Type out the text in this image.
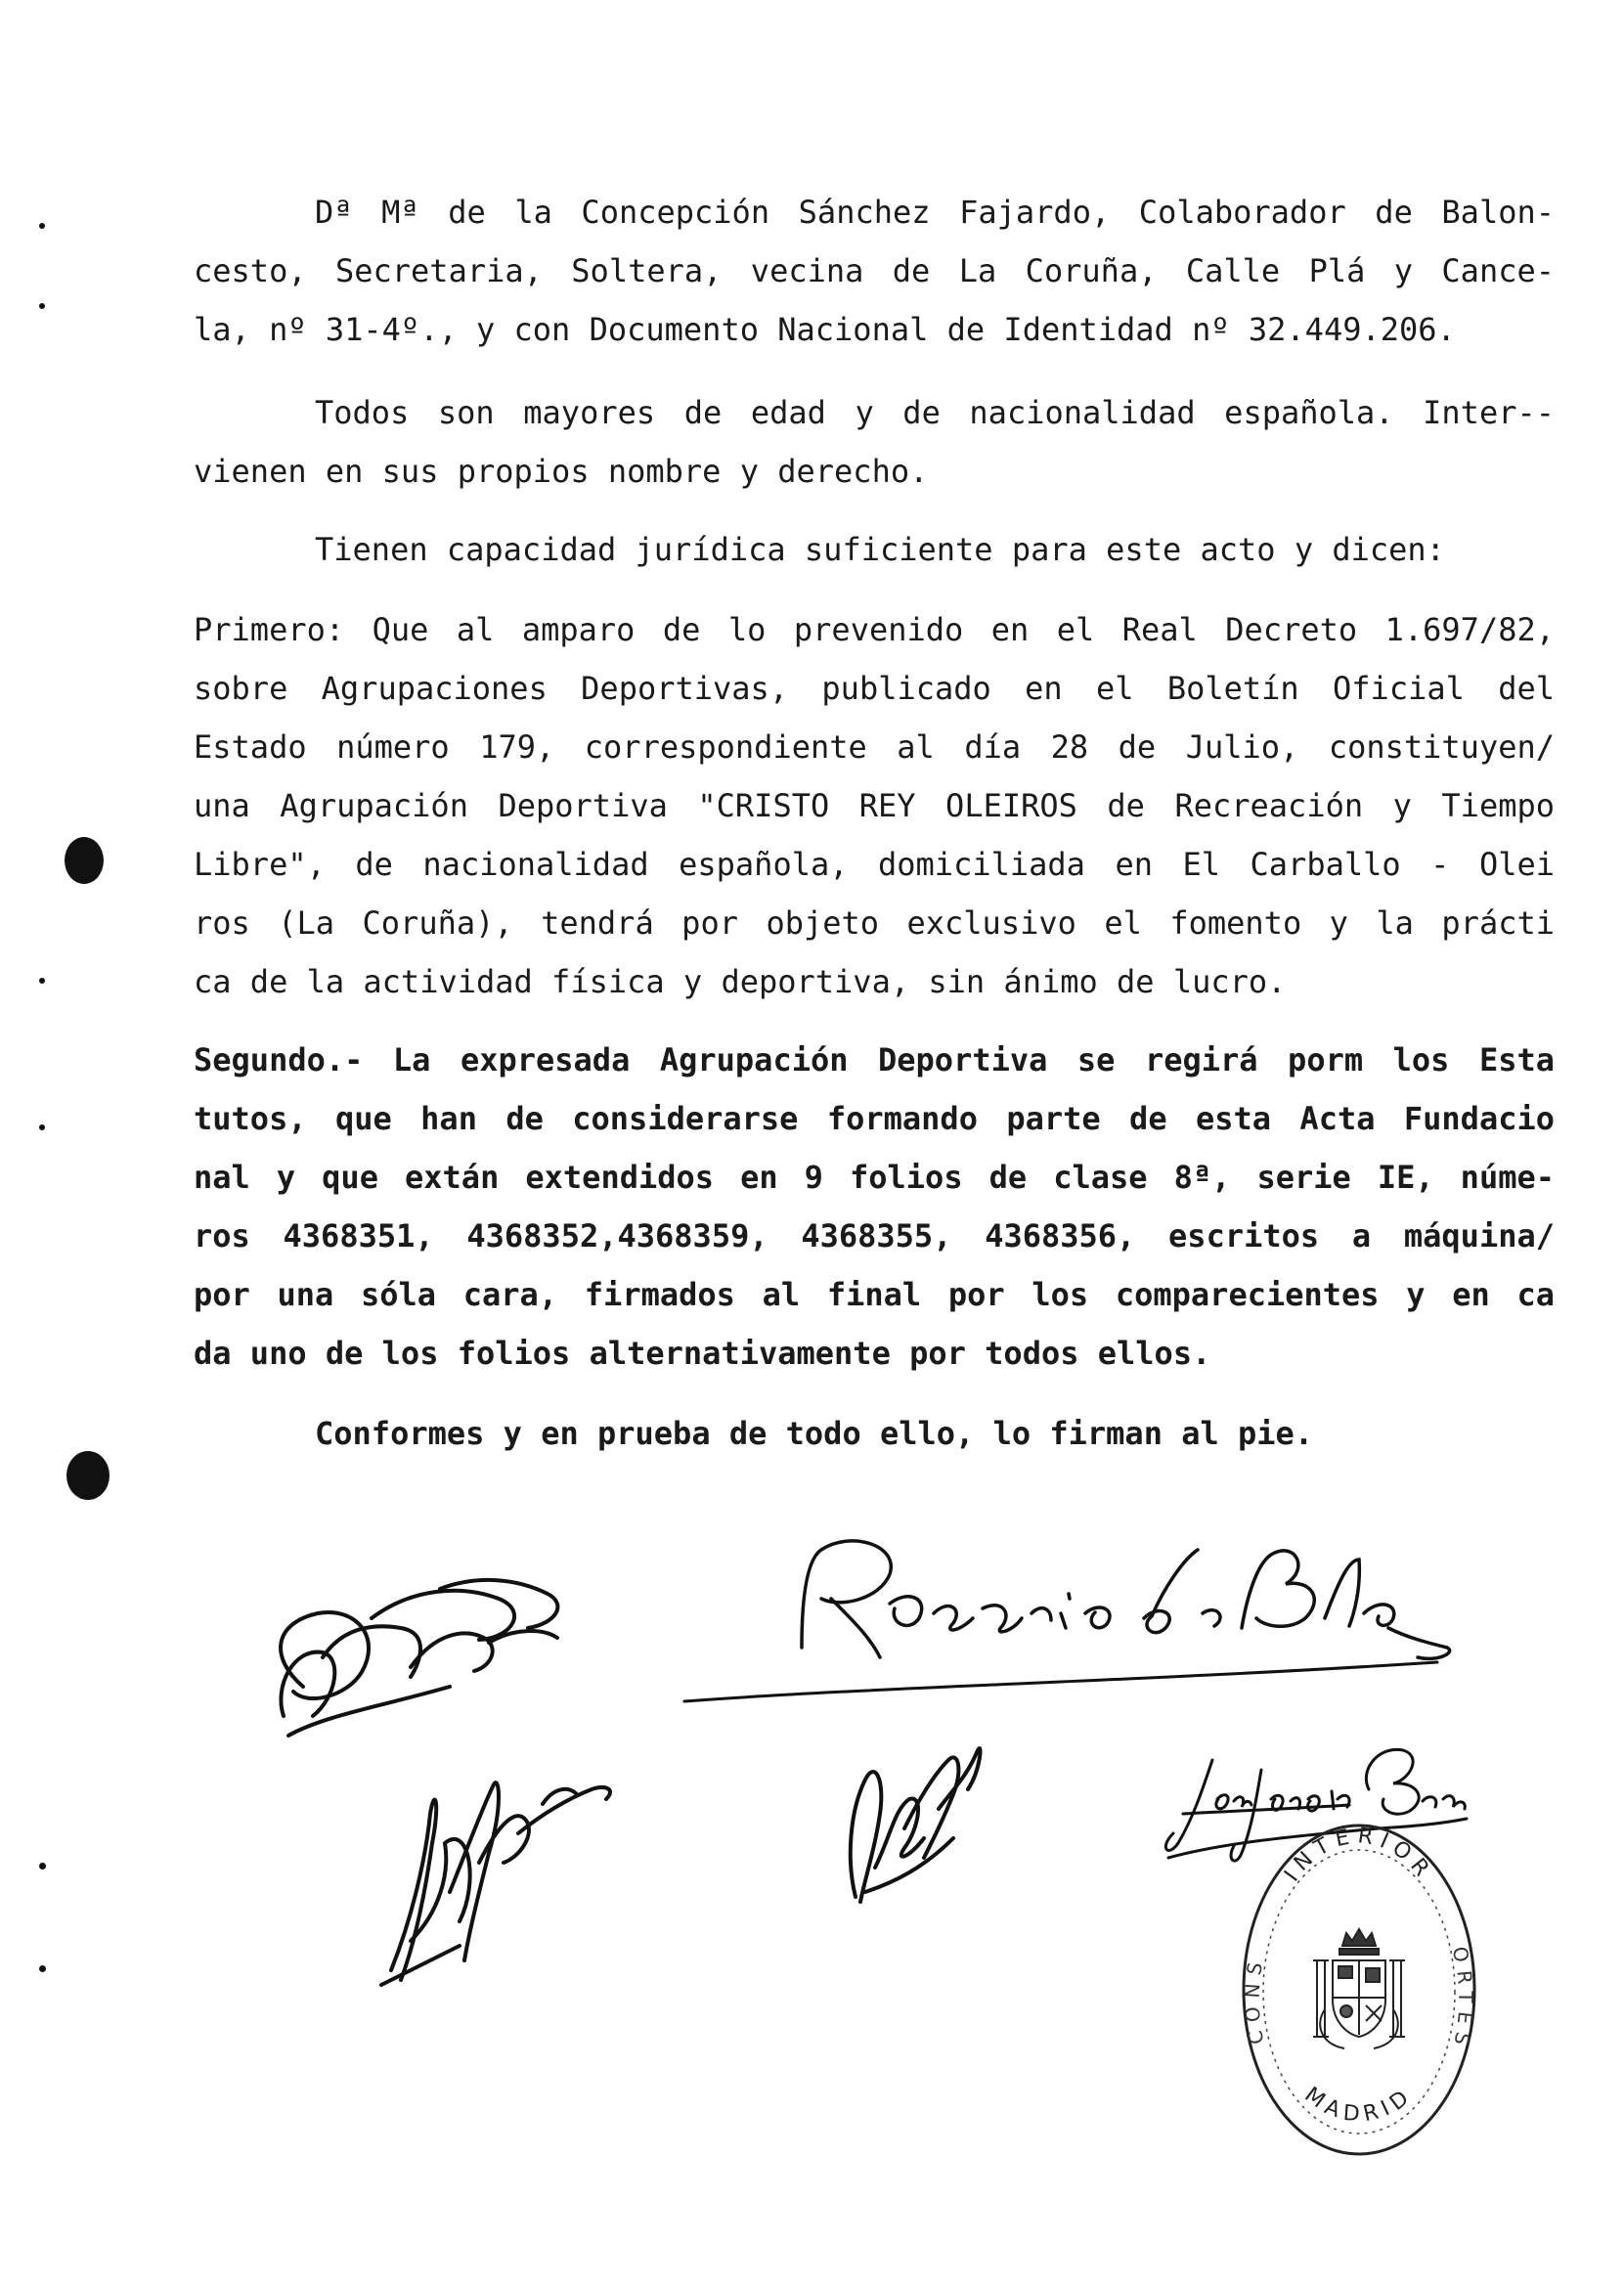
Dª Mª de la Concepción Sánchez Fajardo, Colaborador de Balon-
cesto, Secretaria, Soltera, vecina de La Coruña, Calle Plá y Cance-
la, nº 31-4º., y con Documento Nacional de Identidad nº 32.449.206.
Todos son mayores de edad y de nacionalidad española. Inter--
vienen en sus propios nombre y derecho.
Tienen capacidad jurídica suficiente para este acto y dicen:
Primero: Que al amparo de lo prevenido en el Real Decreto 1.697/82,
sobre Agrupaciones Deportivas, publicado en el Boletín Oficial del
Estado número 179, correspondiente al día 28 de Julio, constituyen/
una Agrupación Deportiva "CRISTO REY OLEIROS de Recreación y Tiempo
Libre", de nacionalidad española, domiciliada en El Carballo - Olei
ros (La Coruña), tendrá por objeto exclusivo el fomento y la prácti
ca de la actividad física y deportiva, sin ánimo de lucro.
Segundo.- La expresada Agrupación Deportiva se regirá porm los Esta
tutos, que han de considerarse formando parte de esta Acta Fundacio
nal y que extán extendidos en 9 folios de clase 8ª, serie IE, núme-
ros 4368351, 4368352,4368359, 4368355, 4368356, escritos a máquina/
por una sóla cara, firmados al final por los comparecientes y en ca
da uno de los folios alternativamente por todos ellos.
Conformes y en prueba de todo ello, lo firman al pie.
INTERIOR
MADRID
CONS	ORTES
